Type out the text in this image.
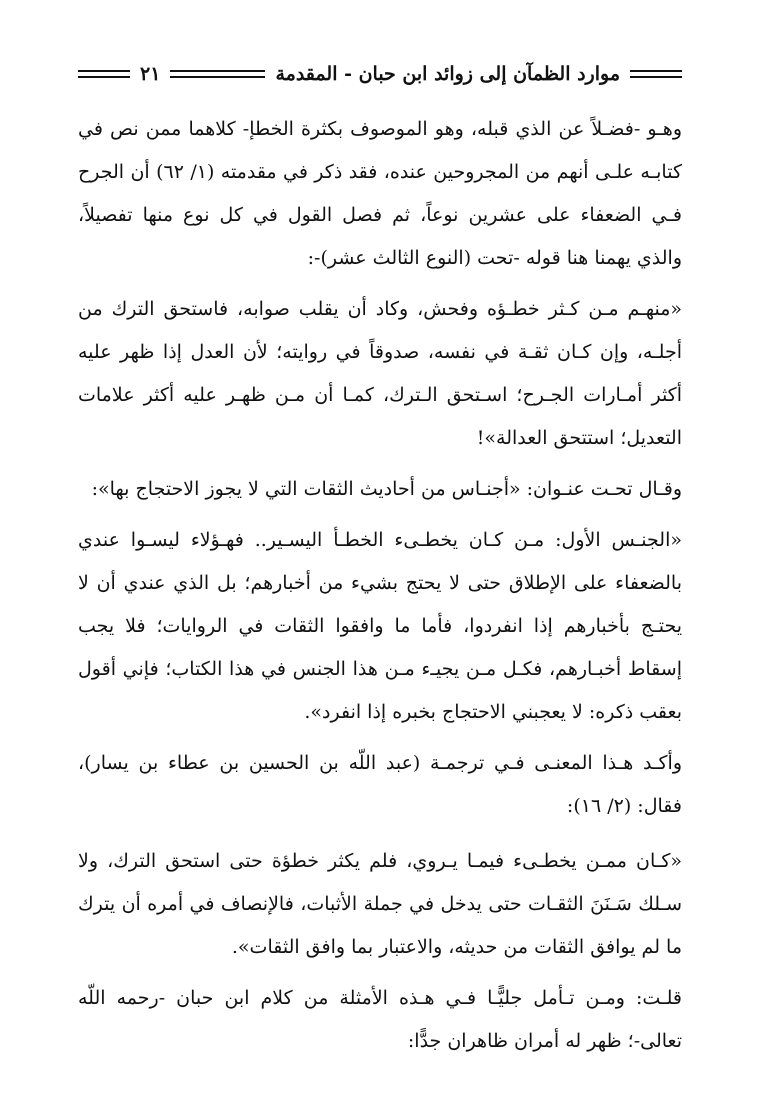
موارد الظمآن إلى زوائد ابن حبان - المقدمة
٢١

وهـو -فضـلاً عن الذي قبله، وهو الموصوف بكثرة الخطإ- كلاهما ممن نص في كتابـه علـى أنهم من المجروحين عنده، فقد ذكر في مقدمته (١/ ٦٢) أن الجرح فـي الضعفاء على عشرين نوعاً، ثم فصل القول في كل نوع منها تفصيلاً، والذي يهمنا هنا قوله -تحت (النوع الثالث عشر)-:

«منهـم مـن كـثر خطـؤه وفحش، وكاد أن يقلب صوابه، فاستحق الترك من أجلـه، وإن كـان ثقـة في نفسه، صدوقاً في روايته؛ لأن العدل إذا ظهر عليه أكثر أمـارات الجـرح؛ اسـتحق الـترك، كمـا أن مـن ظهـر عليه أكثر علامات التعديل؛ استتحق العدالة»!

وقـال تحـت عنـوان: «أجنـاس من أحاديث الثقات التي لا يجوز الاحتجاج بها»:

«الجنـس الأول: مـن كـان يخطـىء الخطـأ اليسـير.. فهـؤلاء ليسـوا عندي بالضعفاء على الإطلاق حتى لا يحتج بشيء من أخبارهم؛ بل الذي عندي أن لا يحتـج بأخبارهم إذا انفردوا، فأما ما وافقوا الثقات في الروايات؛ فلا يجب إسقاط أخبـارهم، فكـل مـن يجيـء مـن هذا الجنس في هذا الكتاب؛ فإني أقول بعقب ذكره: لا يعجبني الاحتجاج بخبره إذا انفرد».

وأكـد هـذا المعنـى فـي ترجمـة (عبد اللّه بن الحسين بن عطاء بن يسار)، فقال: (٢/ ١٦):

«كـان ممـن يخطـىء فيمـا يـروي، فلم يكثر خطؤة حتى استحق الترك، ولا سـلك سَـنَنَ الثقـات حتى يدخل في جملة الأثبات، فالإنصاف في أمره أن يترك ما لم يوافق الثقات من حديثه، والاعتبار بما وافق الثقات».

قلـت: ومـن تـأمل جليًّـا فـي هـذه الأمثلة من كلام ابن حبان -رحمه اللّه تعالى-؛ ظهر له أمران ظاهران جدًّا:
